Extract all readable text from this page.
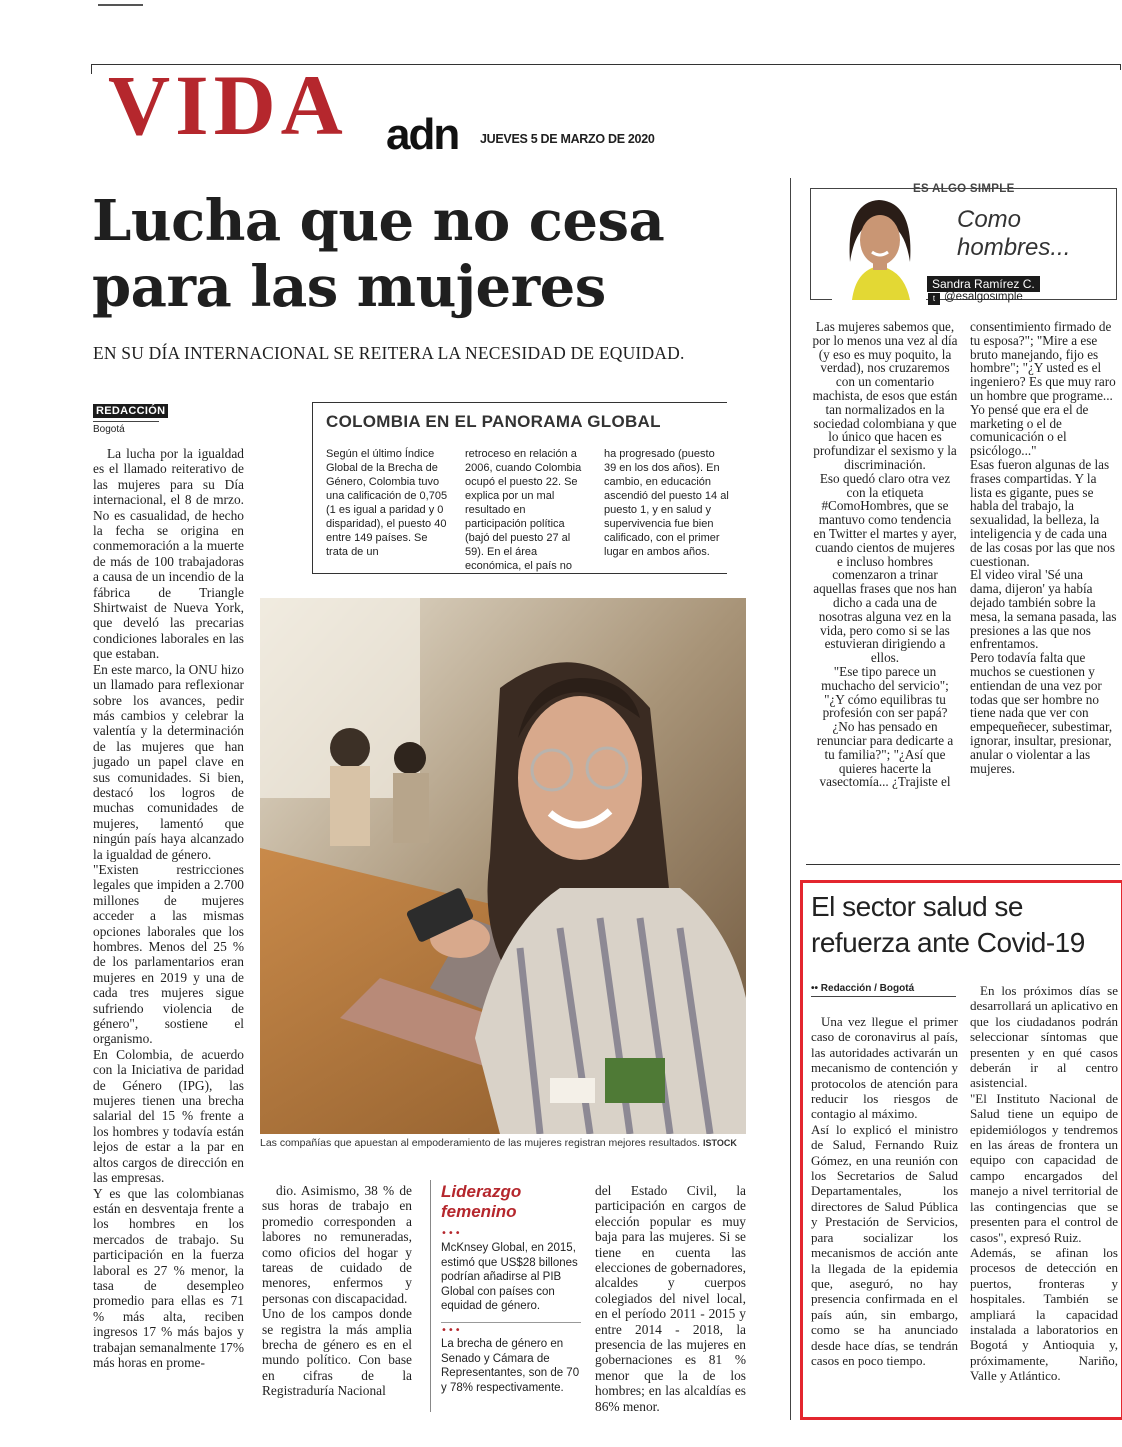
VIDA adn JUEVES 5 DE MARZO DE 2020
Lucha que no cesa para las mujeres
EN SU DÍA INTERNACIONAL SE REITERA LA NECESIDAD DE EQUIDAD.
REDACCIÓN
Bogotá
La lucha por la igualdad es el llamado reiterativo de las mujeres para su Día internacional, el 8 de mrzo. No es casualidad, de hecho la fecha se origina en conmemoración a la muerte de más de 100 trabajadoras a causa de un incendio de la fábrica de Triangle Shirtwaist de Nueva York, que develó las precarias condiciones laborales en las que estaban.
En este marco, la ONU hizo un llamado para reflexionar sobre los avances, pedir más cambios y celebrar la valentía y la determinación de las mujeres que han jugado un papel clave en sus comunidades. Si bien, destacó los logros de muchas comunidades de mujeres, lamentó que ningún país haya alcanzado la igualdad de género.
"Existen restricciones legales que impiden a 2.700 millones de mujeres acceder a las mismas opciones laborales que los hombres. Menos del 25 % de los parlamentarios eran mujeres en 2019 y una de cada tres mujeres sigue sufriendo violencia de género", sostiene el organismo.
En Colombia, de acuerdo con la Iniciativa de paridad de Género (IPG), las mujeres tienen una brecha salarial del 15 % frente a los hombres y todavía están lejos de estar a la par en altos cargos de dirección en las empresas.
Y es que las colombianas están en desventaja frente a los hombres en los mercados de trabajo. Su participación en la fuerza laboral es 27 % menor, la tasa de desempleo promedio para ellas es 71 % más alta, reciben ingresos 17 % más bajos y trabajan semanalmente 17% más horas en prome-
COLOMBIA EN EL PANORAMA GLOBAL
Según el último Índice Global de la Brecha de Género, Colombia tuvo una calificación de 0,705 (1 es igual a paridad y 0 disparidad), el puesto 40 entre 149 países. Se trata de un
retroceso en relación a 2006, cuando Colombia ocupó el puesto 22. Se explica por un mal resultado en participación política (bajó del puesto 27 al 59). En el área económica, el país no
ha progresado (puesto 39 en los dos años). En cambio, en educación ascendió del puesto 14 al puesto 1, y en salud y supervivencia fue bien calificado, con el primer lugar en ambos años.
Las compañías que apuestan al empoderamiento de las mujeres registran mejores resultados. ISTOCK
dio. Asimismo, 38 % de sus horas de trabajo en promedio corresponden a labores no remuneradas, como oficios del hogar y tareas de cuidado de menores, enfermos y personas con discapacidad.
Uno de los campos donde se registra la más amplia brecha de género es en el mundo político. Con base en cifras de la Registraduría Nacional
Liderazgo femenino
•••
McKnsey Global, en 2015, estimó que US$28 billones podrían añadirse al PIB Global con países con equidad de género.
•••
La brecha de género en Senado y Cámara de Representantes, son de 70 y 78% respectivamente.
del Estado Civil, la participación en cargos de elección popular es muy baja para las mujeres. Si se tiene en cuenta las elecciones de gobernadores, alcaldes y cuerpos colegiados del nivel local, en el período 2011 - 2015 y entre 2014 - 2018, la presencia de las mujeres en gobernaciones es 81 % menor que la de los hombres; en las alcaldías es 86% menor.
ES ALGO SIMPLE
Como hombres...
Sandra Ramírez C.
t @esalgosimple
Las mujeres sabemos que, por lo menos una vez al día (y eso es muy poquito, la verdad), nos cruzaremos con un comentario machista, de esos que están tan normalizados en la sociedad colombiana y que lo único que hacen es profundizar el sexismo y la discriminación.
Eso quedó claro otra vez con la etiqueta #ComoHombres, que se mantuvo como tendencia en Twitter el martes y ayer, cuando cientos de mujeres e incluso hombres comenzaron a trinar aquellas frases que nos han dicho a cada una de nosotras alguna vez en la vida, pero como si se las estuvieran dirigiendo a ellos.
"Ese tipo parece un muchacho del servicio"; "¿Y cómo equilibras tu profesión con ser papá? ¿No has pensado en renunciar para dedicarte a tu familia?"; "¿Así que quieres hacerte la vasectomía... ¿Trajiste el
consentimiento firmado de tu esposa?"; "Mire a ese bruto manejando, fijo es hombre"; "¿Y usted es el ingeniero? Es que muy raro un hombre que programe... Yo pensé que era el de marketing o el de comunicación o el psicólogo..."
Esas fueron algunas de las frases compartidas. Y la lista es gigante, pues se habla del trabajo, la sexualidad, la belleza, la inteligencia y de cada una de las cosas por las que nos cuestionan.
El video viral 'Sé una dama, dijeron' ya había dejado también sobre la mesa, la semana pasada, las presiones a las que nos enfrentamos.
Pero todavía falta que muchos se cuestionen y entiendan de una vez por todas que ser hombre no tiene nada que ver con empequeñecer, subestimar, ignorar, insultar, presionar, anular o violentar a las mujeres.
El sector salud se refuerza ante Covid-19
•• Redacción / Bogotá
Una vez llegue el primer caso de coronavirus al país, las autoridades activarán un mecanismo de contención y protocolos de atención para reducir los riesgos de contagio al máximo.
Así lo explicó el ministro de Salud, Fernando Ruiz Gómez, en una reunión con los Secretarios de Salud Departamentales, los directores de Salud Pública y Prestación de Servicios, para socializar los mecanismos de acción ante la llegada de la epidemia que, aseguró, no hay presencia confirmada en el país aún, sin embargo, como se ha anunciado desde hace días, se tendrán casos en poco tiempo.
En los próximos días se desarrollará un aplicativo en que los ciudadanos podrán seleccionar síntomas que presenten y en qué casos deberán ir al centro asistencial.
"El Instituto Nacional de Salud tiene un equipo de epidemiólogos y tendremos en las áreas de frontera un equipo con capacidad de campo encargados del manejo a nivel territorial de las contingencias que se presenten para el control de casos", expresó Ruiz.
Además, se afinan los procesos de detección en puertos, fronteras y hospitales. También se ampliará la capacidad instalada a laboratorios en Bogotá y Antioquia y, próximamente, Nariño, Valle y Atlántico.
